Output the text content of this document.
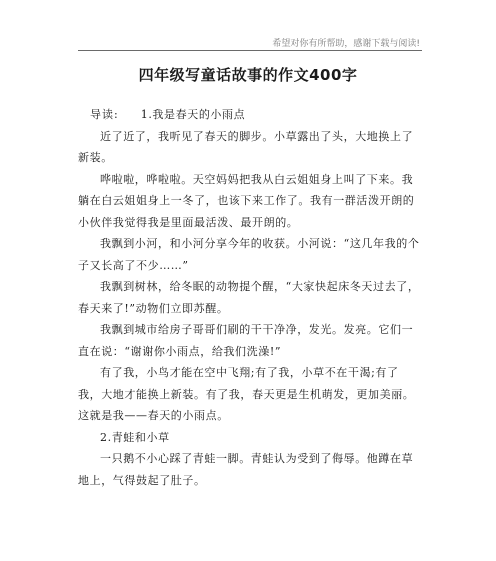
希望对你有所帮助，感谢下载与阅读!
四年级写童话故事的作文400字

导读: 1.我是春天的小雨点

近了近了，我听见了春天的脚步。小草露出了头，大地换上了新装。

哗啦啦，哗啦啦。天空妈妈把我从白云姐姐身上叫了下来。我躺在白云姐姐身上一冬了，也该下来工作了。我有一群活泼开朗的小伙伴我觉得我是里面最活泼、最开朗的。

我飘到小河，和小河分享今年的收获。小河说：“这几年我的个子又长高了不少……”

我飘到树林，给冬眠的动物提个醒，“大家快起床冬天过去了，春天来了!”动物们立即苏醒。

我飘到城市给房子哥哥们刷的干干净净，发光。发亮。它们一直在说：“谢谢你小雨点，给我们洗澡!”

有了我，小鸟才能在空中飞翔;有了我，小草不在干渴;有了我，大地才能换上新装。有了我，春天更是生机萌发，更加美丽。这就是我——春天的小雨点。

2.青蛙和小草

一只鹅不小心踩了青蛙一脚。青蛙认为受到了侮辱。他蹲在草地上，气得鼓起了肚子。
